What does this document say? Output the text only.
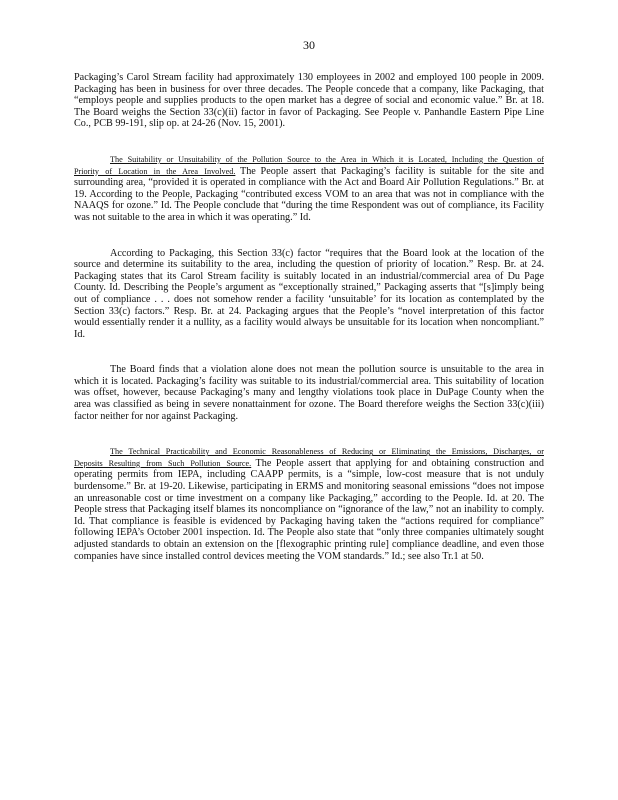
30

Packaging’s Carol Stream facility had approximately 130 employees in 2002 and employed 100 people in 2009. Packaging has been in business for over three decades. The People concede that a company, like Packaging, that “employs people and supplies products to the open market has a degree of social and economic value.” Br. at 18. The Board weighs the Section 33(c)(ii) factor in favor of Packaging. See People v. Panhandle Eastern Pipe Line Co., PCB 99-191, slip op. at 24-26 (Nov. 15, 2001).

The Suitability or Unsuitability of the Pollution Source to the Area in Which it is Located, Including the Question of Priority of Location in the Area Involved. The People assert that Packaging’s facility is suitable for the site and surrounding area, “provided it is operated in compliance with the Act and Board Air Pollution Regulations.” Br. at 19. According to the People, Packaging “contributed excess VOM to an area that was not in compliance with the NAAQS for ozone.” Id. The People conclude that “during the time Respondent was out of compliance, its Facility was not suitable to the area in which it was operating.” Id.

According to Packaging, this Section 33(c) factor “requires that the Board look at the location of the source and determine its suitability to the area, including the question of priority of location.” Resp. Br. at 24. Packaging states that its Carol Stream facility is suitably located in an industrial/commercial area of Du Page County. Id. Describing the People’s argument as “exceptionally strained,” Packaging asserts that “[s]imply being out of compliance . . . does not somehow render a facility ‘unsuitable’ for its location as contemplated by the Section 33(c) factors.” Resp. Br. at 24. Packaging argues that the People’s “novel interpretation of this factor would essentially render it a nullity, as a facility would always be unsuitable for its location when noncompliant.” Id.

The Board finds that a violation alone does not mean the pollution source is unsuitable to the area in which it is located. Packaging’s facility was suitable to its industrial/commercial area. This suitability of location was offset, however, because Packaging’s many and lengthy violations took place in DuPage County when the area was classified as being in severe nonattainment for ozone. The Board therefore weighs the Section 33(c)(iii) factor neither for nor against Packaging.

The Technical Practicability and Economic Reasonableness of Reducing or Eliminating the Emissions, Discharges, or Deposits Resulting from Such Pollution Source. The People assert that applying for and obtaining construction and operating permits from IEPA, including CAAPP permits, is a “simple, low-cost measure that is not unduly burdensome.” Br. at 19-20. Likewise, participating in ERMS and monitoring seasonal emissions “does not impose an unreasonable cost or time investment on a company like Packaging,” according to the People. Id. at 20. The People stress that Packaging itself blames its noncompliance on “ignorance of the law,” not an inability to comply. Id. That compliance is feasible is evidenced by Packaging having taken the “actions required for compliance” following IEPA’s October 2001 inspection. Id. The People also state that “only three companies ultimately sought adjusted standards to obtain an extension on the [flexographic printing rule] compliance deadline, and even those companies have since installed control devices meeting the VOM standards.” Id.; see also Tr.1 at 50.
